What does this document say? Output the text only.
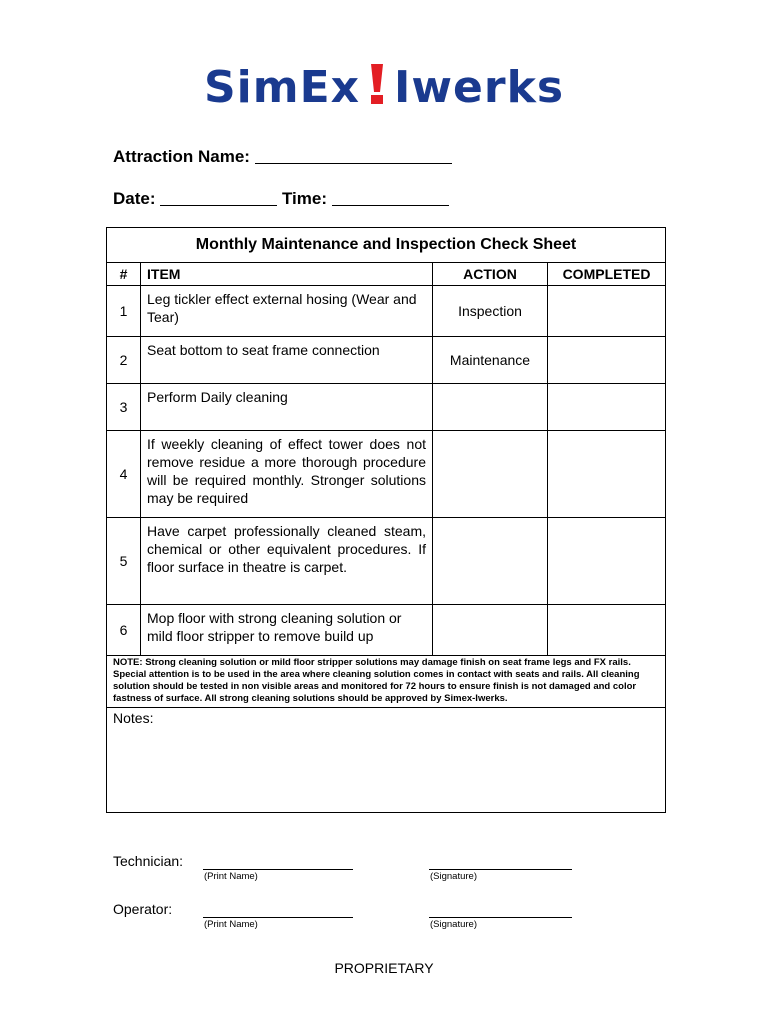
SimEx Iwerks
Attraction Name:
Date:	Time:
Monthly Maintenance and Inspection Check Sheet			
#	ITEM	ACTION	COMPLETED
1	Leg tickler effect external hosing (Wear and Tear)	Inspection	
2	Seat bottom to seat frame connection	Maintenance	
3	Perform Daily cleaning		
4	If weekly cleaning of effect tower does not remove residue a more thorough procedure will be required monthly. Stronger solutions may be required		
5	Have carpet professionally cleaned steam, chemical or other equivalent procedures. If floor surface in theatre is carpet.		
6	Mop floor with strong cleaning solution or mild floor stripper to remove build up		
NOTE: Strong cleaning solution or mild floor stripper solutions may damage finish on seat frame legs and FX rails. Special attention is to be used in the area where cleaning solution comes in contact with seats and rails. All cleaning solution should be tested in non visible areas and monitored for 72 hours to ensure finish is not damaged and color fastness of surface. All strong cleaning solutions should be approved by Simex-Iwerks.			
Notes:			
Technician:
(Print Name)	(Signature)
Operator:
(Print Name)	(Signature)
PROPRIETARY
